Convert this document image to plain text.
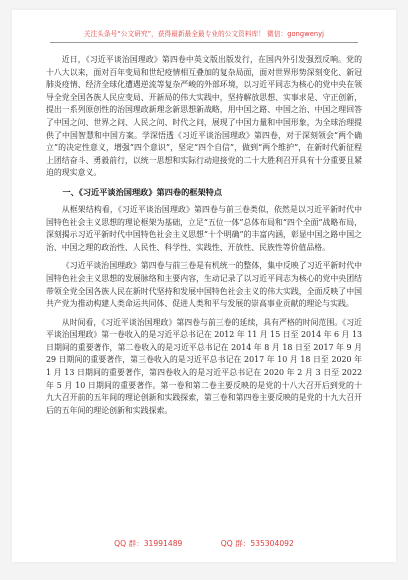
关注头条号“公文研究”，获得最新最全最专业的公文资料库！ 微信：gongwenyj

近日，《习近平谈治国理政》第四卷中英文版出版发行，在国内外引发强烈反响。党的十八大以来，面对百年变局和世纪疫情相互叠加的复杂局面，面对世界形势深刻变化、新冠肺炎疫情、经济全球化遭遇逆流等复杂严峻的外部环境，以习近平同志为核心的党中央在领导全党全国各族人民应变局、开新局的伟大实践中，坚持解放思想、实事求是、守正创新，提出一系列原创性的治国理政新理念新思想新战略，用中国之路、中国之治、中国之理回答了中国之问、世界之问、人民之问、时代之问，展现了中国力量和中国形象，为全球治理提供了中国智慧和中国方案。学深悟透《习近平谈治国理政》第四卷，对于深刻领会“两个确立”的决定性意义，增强“四个意识”，坚定“四个自信”，做到“两个维护”，在新时代新征程上团结奋斗、勇毅前行，以统一思想和实际行动迎接党的二十大胜利召开具有十分重要且紧迫的现实意义。

一、《习近平谈治国理政》第四卷的框架特点

从框架结构看，《习近平谈治国理政》第四卷与前三卷类似，依然是以习近平新时代中国特色社会主义思想的理论框架为基础，立足“五位一体”总体布局和“四个全面”战略布局，深刻揭示习近平新时代中国特色社会主义思想“十个明确”的丰富内涵，彰显中国之路中国之治、中国之理的政治性、人民性、科学性、实践性、开放性、民族性等价值品格。

《习近平谈治国理政》第四卷与前三卷是有机统一的整体，集中反映了习近平新时代中国特色社会主义思想的发展脉络和主要内容，生动记录了以习近平同志为核心的党中央团结带领全党全国各族人民在新时代坚持和发展中国特色社会主义的伟大实践，全面反映了中国共产党为推动构建人类命运共同体、促进人类和平与发展的崇高事业贡献的理论与实践。

从时间看，《习近平谈治国理政》第四卷与前三卷的延续，具有严格的时间范围。《习近平谈治国理政》第一卷收入的是习近平总书记在 2012 年 11 月 15 日至 2014 年 6 月 13 日期间的重要著作，第二卷收入的是习近平总书记在 2014 年 8 月 18 日至 2017 年 9 月 29 日期间的重要著作，第三卷收入的是习近平总书记在 2017 年 10 月 18 日至 2020 年 1 月 13 日期间的重要著作，第四卷收入的是习近平总书记在 2020 年 2 月 3 日至 2022 年 5 月 10 日期间的重要著作。第一卷和第二卷主要反映的是党的十八大召开后到党的十九大召开前的五年间的理论创新和实践探索，第三卷和第四卷主要反映的是党的十九大召开后的五年间的理论创新和实践探索。

QQ 群：31991489	QQ 群：535304092
